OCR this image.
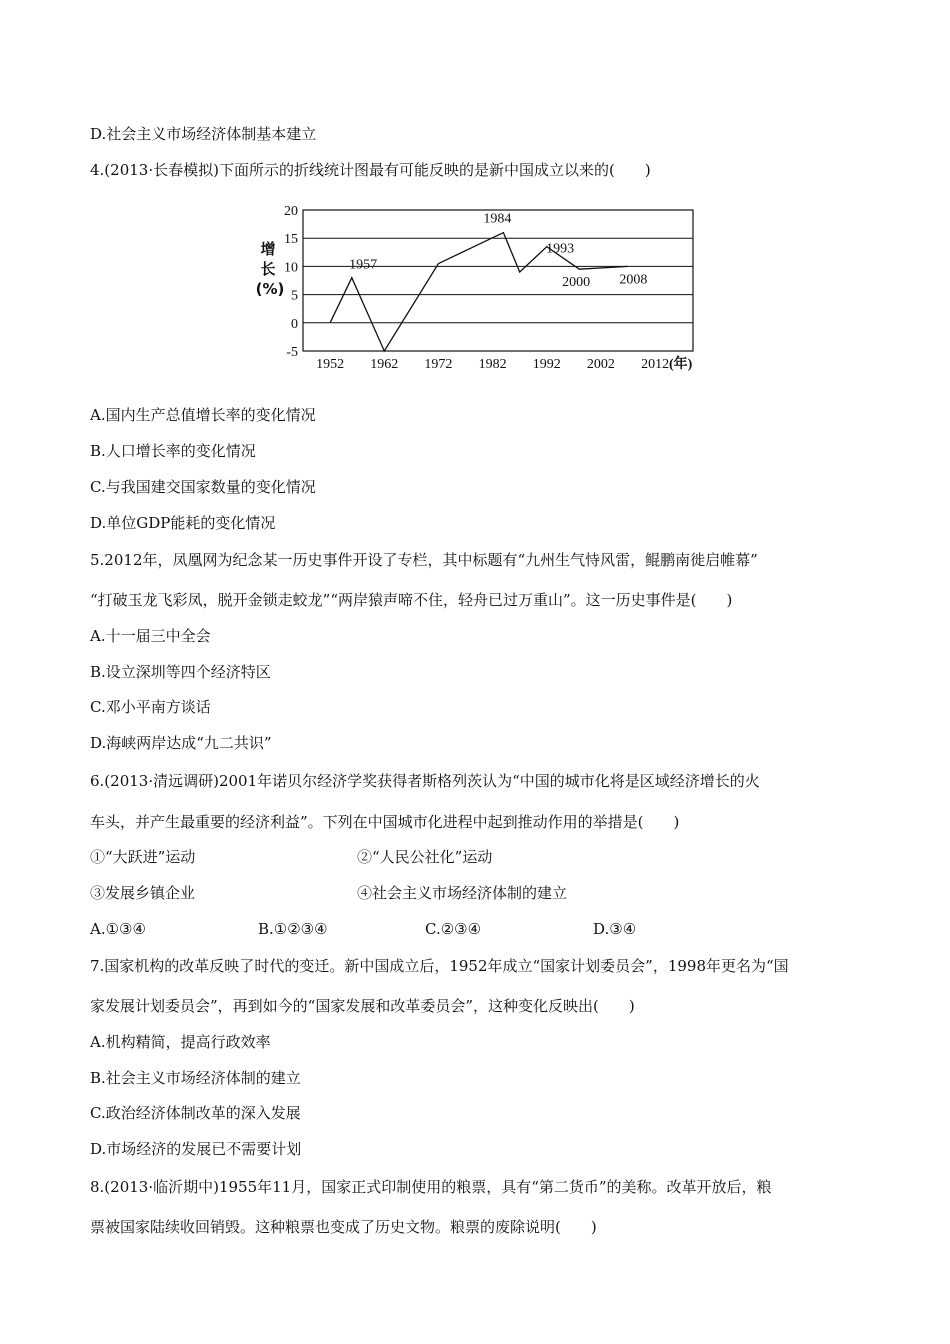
D.社会主义市场经济体制基本建立
4.(2013·长春模拟)下面所示的折线统计图最有可能反映的是新中国成立以来的(　　)
20
15
10
5
0
-5
1952 1962 1972 1982 1992 2002 2012 (年)
增
长
(%)
1957
1984
1993
2000 2008
A.国内生产总值增长率的变化情况
B.人口增长率的变化情况
C.与我国建交国家数量的变化情况
D.单位GDP能耗的变化情况
5.2012年，凤凰网为纪念某一历史事件开设了专栏，其中标题有“九州生气恃风雷，鲲鹏南徙启帷幕”
“打破玉龙飞彩凤，脱开金锁走蛟龙”“两岸猿声啼不住，轻舟已过万重山”。这一历史事件是(　　)
A.十一届三中全会
B.设立深圳等四个经济特区
C.邓小平南方谈话
D.海峡两岸达成“九二共识”
6.(2013·清远调研)2001年诺贝尔经济学奖获得者斯格列茨认为“中国的城市化将是区域经济增长的火
车头，并产生最重要的经济利益”。下列在中国城市化进程中起到推动作用的举措是(　　)
①“大跃进”运动	②“人民公社化”运动
③发展乡镇企业	④社会主义市场经济体制的建立
A.①③④	B.①②③④	C.②③④	D.③④
7.国家机构的改革反映了时代的变迁。新中国成立后，1952年成立“国家计划委员会”，1998年更名为“国
家发展计划委员会”，再到如今的“国家发展和改革委员会”，这种变化反映出(　　)
A.机构精简，提高行政效率
B.社会主义市场经济体制的建立
C.政治经济体制改革的深入发展
D.市场经济的发展已不需要计划
8.(2013·临沂期中)1955年11月，国家正式印制使用的粮票，具有“第二货币”的美称。改革开放后，粮
票被国家陆续收回销毁。这种粮票也变成了历史文物。粮票的废除说明(　　)
